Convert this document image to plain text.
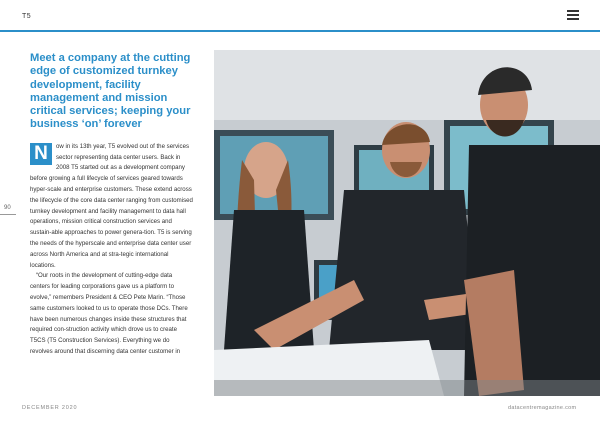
T5
Meet a company at the cutting edge of customized turnkey development, facility management and mission critical services; keeping your business ‘on’ forever

N	ow in its 13th year, T5 evolved out of the services sector representing data center users. Back in 2008 T5 started out as a development company before growing a full lifecycle of services geared towards hyper-scale and enterprise customers. These extend across the lifecycle of the core data center ranging from customised turnkey development and facility management to data hall operations, mission critical construction services and sustain-able approaches to power genera-tion. T5 is serving the needs of the hyperscale and enterprise data center user across North America and at stra-tegic international locations.

“Our roots in the development of cutting-edge data centers for leading corporations gave us a platform to evolve,” remembers President & CEO Pete Marin. “Those same customers looked to us to operate those DCs. There have been numerous changes inside these structures that required con-struction activity which drove us to create T5CS (T5 Construction Services). Everything we do revolves around that discerning data center customer in

90
DECEMBER 2020	datacentremagazine.com
